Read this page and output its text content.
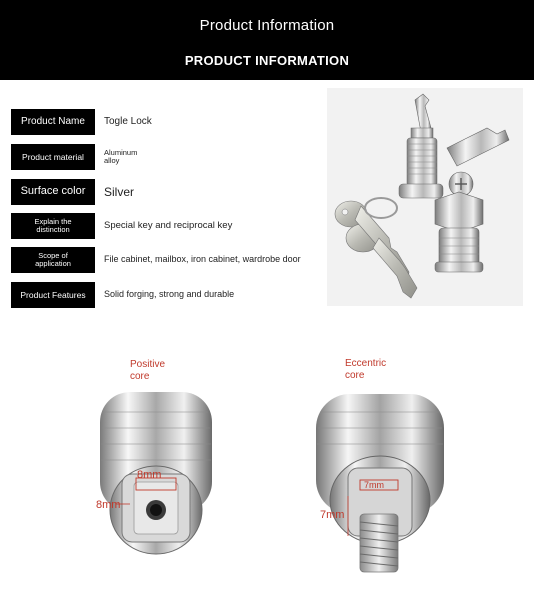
Product Information
PRODUCT INFORMATION
Product Name	Togle Lock
Product material	Aluminum
alloy
Surface color	Silver
Explain the
distinction	Special key and reciprocal key
Scope of
application	File cabinet, mailbox, iron cabinet, wardrobe door
Product Features	Solid forging, strong and durable
Positive
core
8mm
8mm
Eccentric
core
7mm
7mm
